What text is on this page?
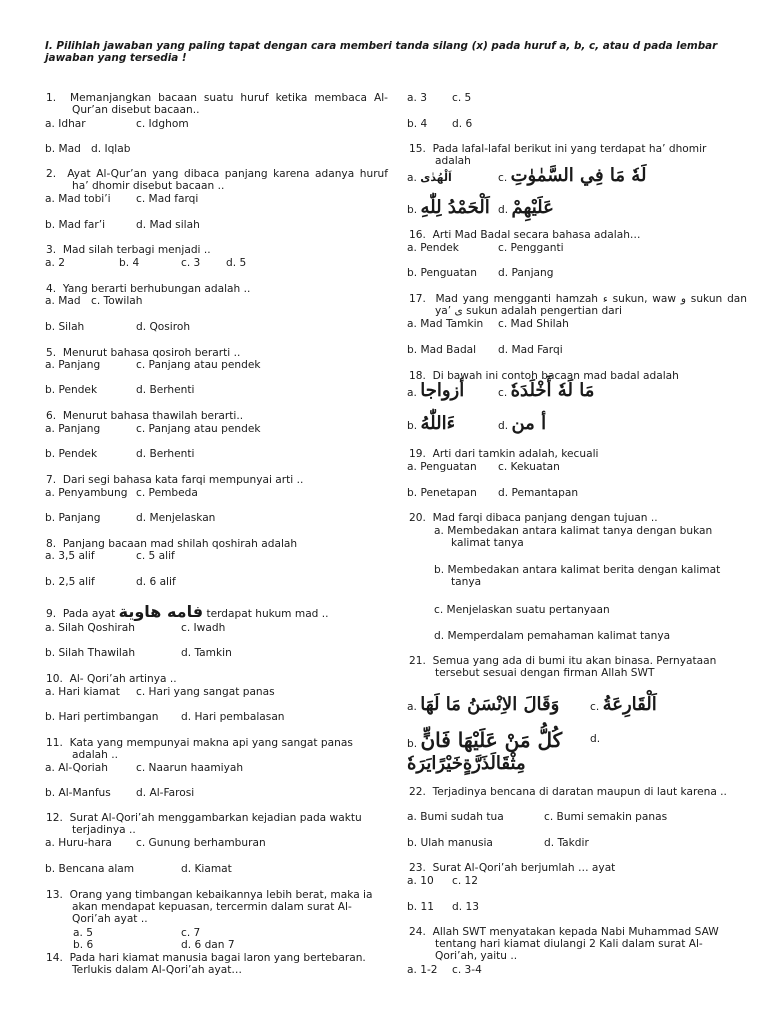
I. Pilihlah jawaban yang paling tapat dengan cara memberi tanda silang (x) pada huruf a, b, c, atau d pada lembar jawaban yang tersedia !
1. Memanjangkan bacaan suatu huruf ketika membaca Al-Qur’an disebut bacaan..
a. Idhar	c. Idghom
b. Mad d. Iqlab
2. Ayat Al-Qur’an yang dibaca panjang karena adanya huruf ha’ dhomir disebut bacaan ..
a. Mad tobi’i c. Mad farqi
b. Mad far’i	d. Mad silah
3. Mad silah terbagi menjadi ..
a. 2	b. 4	c. 3 d. 5
4. Yang berarti berhubungan adalah ..
a. Mad c. Towilah
b. Silah	d. Qosiroh
5. Menurut bahasa qosiroh berarti ..
a. Panjang	c. Panjang atau pendek
b. Pendek	d. Berhenti
6. Menurut bahasa thawilah berarti..
a. Panjang	c. Panjang atau pendek
b. Pendek	d. Berhenti
7. Dari segi bahasa kata farqi mempunyai arti ..
a. Penyambung c. Pembeda
b. Panjang	d. Menjelaskan
8. Panjang bacaan mad shilah qoshirah adalah
a. 3,5 alif	c. 5 alif
b. 2,5 alif	d. 6 alif
9. Pada ayat فامه هاوية terdapat hukum mad ..
a. Silah Qoshirah	c. Iwadh
b. Silah Thawilah	d. Tamkin
10. Al- Qori’ah artinya ..
a. Hari kiamat c. Hari yang sangat panas
b. Hari pertimbangan d. Hari pembalasan
11. Kata yang mempunyai makna api yang sangat panas adalah ..
a. Al-Qoriah	c. Naarun haamiyah
b. Al-Manfus d. Al-Farosi
12. Surat Al-Qori’ah menggambarkan kejadian pada waktu terjadinya ..
a. Huru-hara c. Gunung berhamburan
b. Bencana alam	d. Kiamat
13. Orang yang timbangan kebaikannya lebih berat, maka ia akan mendapat kepuasan, tercermin dalam surat Al-Qori’ah ayat ..
a. 5	c. 7
b. 6	d. 6 dan 7
14. Pada hari kiamat manusia bagai laron yang bertebaran. Terlukis dalam Al-Qori’ah ayat…
a. 3 c. 5
b. 4 d. 6
15. Pada lafal-lafal berikut ini yang terdapat ha’ dhomir adalah
a. اَلْهُدٰى	c. لَهٗ مَا فِي السَّمٰوٰتِ
b. اَلْحَمْدُ لِلّٰهِ d. عَلَيْهِمْ
16. Arti Mad Badal secara bahasa adalah…
a. Pendek	c. Pengganti
b. Penguatan d. Panjang
17. Mad yang mengganti hamzah ء sukun, waw و sukun dan ya’ ى sukun adalah pengertian dari
a. Mad Tamkin c. Mad Shilah
b. Mad Badal d. Mad Farqi
18. Di bawah ini contoh bacaan mad badal adalah
a. أزواجا	c. مَا لَهٗ أَخْلَدَهٗ
b. ءَاللّٰهُ	d. أ من
19. Arti dari tamkin adalah, kecuali
a. Penguatan c. Kekuatan
b. Penetapan d. Pemantapan
20. Mad farqi dibaca panjang dengan tujuan ..
a. Membedakan antara kalimat tanya dengan bukan kalimat tanya
b. Membedakan antara kalimat berita dengan kalimat tanya
c. Menjelaskan suatu pertanyaan
d. Memperdalam pemahaman kalimat tanya
21. Semua yang ada di bumi itu akan binasa. Pernyataan tersebut sesuai dengan firman Allah SWT
a. وَقَالَ الاِنْسَنُ مَا لَهَا	c. اَلْقَارِعَةُ
b. كُلُّ مَنْ عَلَيْهَا فَانٍّ	d.
مِثْقَالَذَرَّةٍخَيْرًايَرَهٗ
22. Terjadinya bencana di daratan maupun di laut karena ..
a. Bumi sudah tua	c. Bumi semakin panas
b. Ulah manusia	d. Takdir
23. Surat Al-Qori’ah berjumlah … ayat
a. 10 c. 12
b. 11 d. 13
24. Allah SWT menyatakan kepada Nabi Muhammad SAW tentang hari kiamat diulangi 2 Kali dalam surat Al-Qori’ah, yaitu ..
a. 1-2 c. 3-4
